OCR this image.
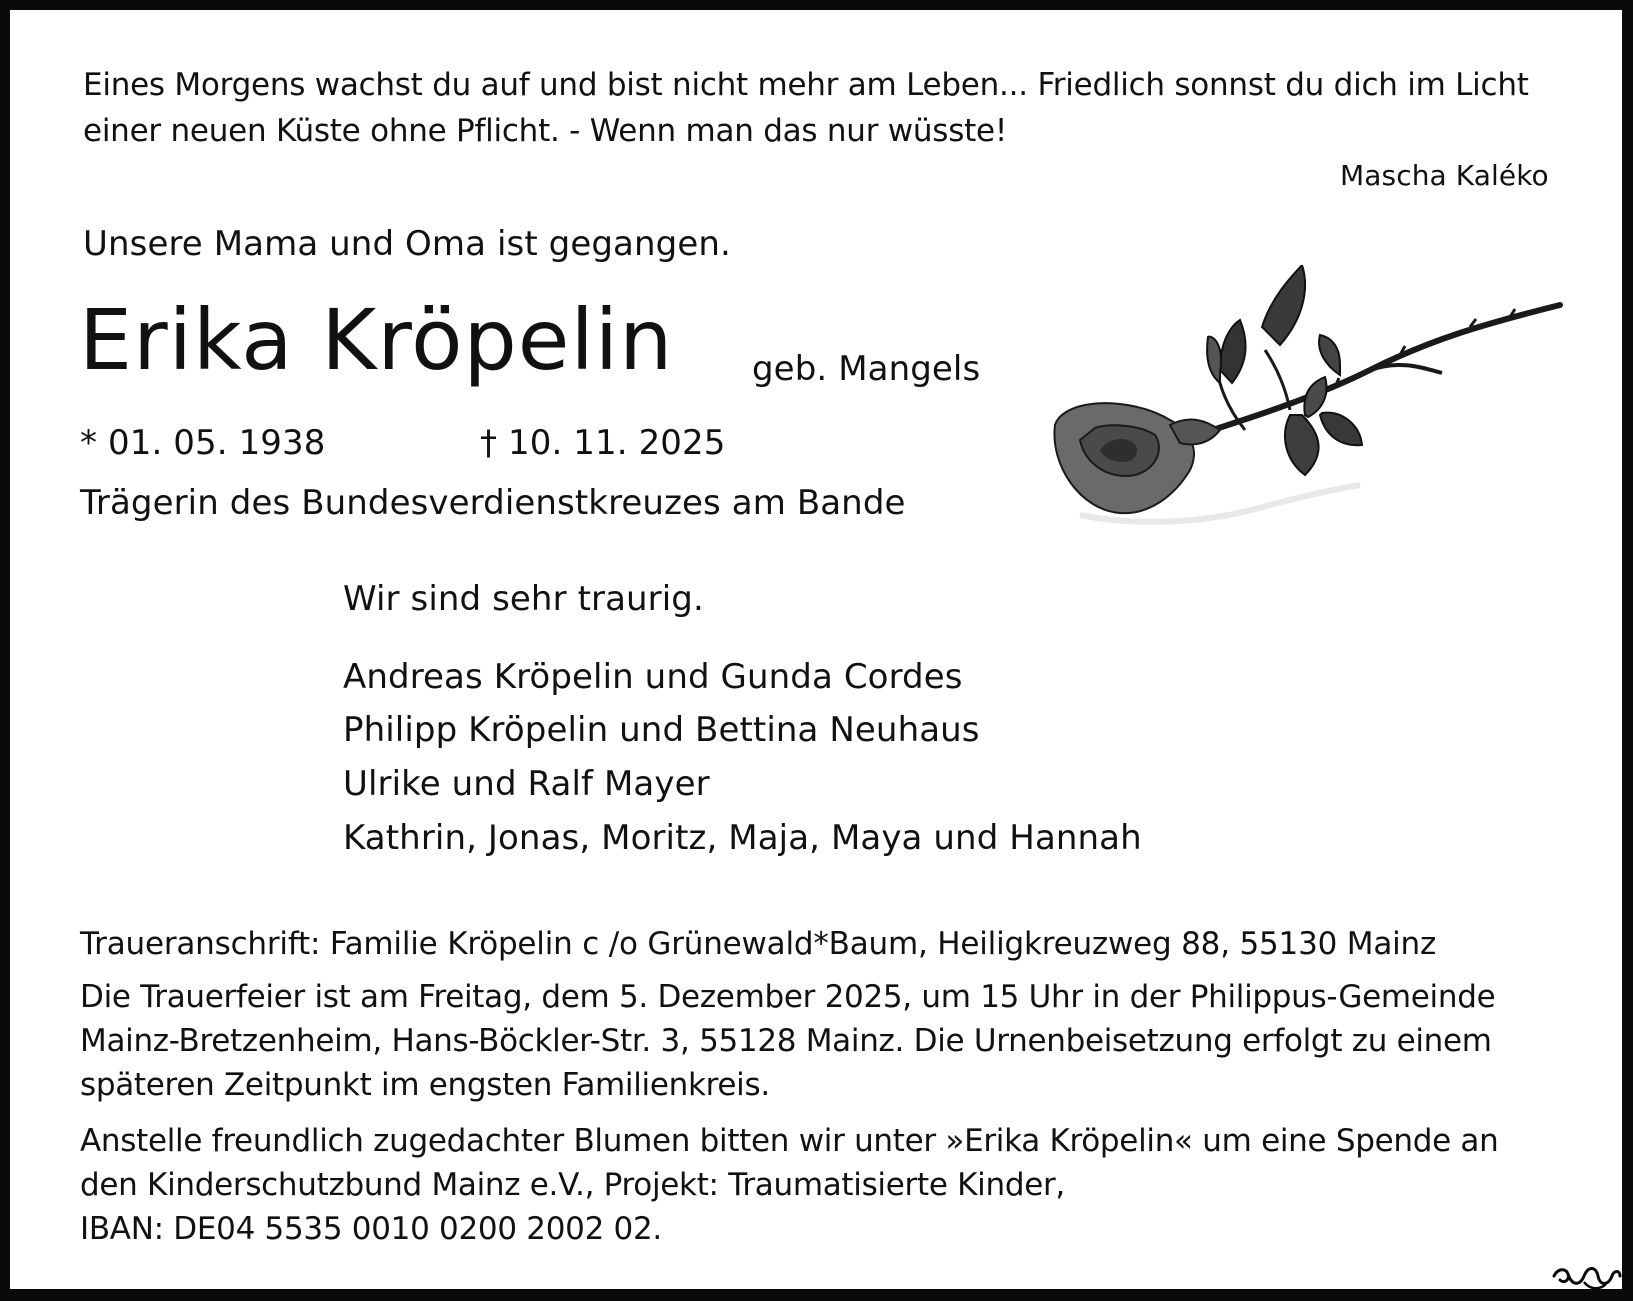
Eines Morgens wachst du auf und bist nicht mehr am Leben... Friedlich sonnst du dich im Licht
einer neuen Küste ohne Pflicht. - Wenn man das nur wüsste!
Mascha Kaléko
Unsere Mama und Oma ist gegangen.
Erika Kröpelin geb. Mangels
* 01. 05. 1938	† 10. 11. 2025
Trägerin des Bundesverdienstkreuzes am Bande
Wir sind sehr traurig.
Andreas Kröpelin und Gunda Cordes
Philipp Kröpelin und Bettina Neuhaus
Ulrike und Ralf Mayer
Kathrin, Jonas, Moritz, Maja, Maya und Hannah
Traueranschrift: Familie Kröpelin c /o Grünewald*Baum, Heiligkreuzweg 88, 55130 Mainz
Die Trauerfeier ist am Freitag, dem 5. Dezember 2025, um 15 Uhr in der Philippus-Gemeinde
Mainz-Bretzenheim, Hans-Böckler-Str. 3, 55128 Mainz. Die Urnenbeisetzung erfolgt zu einem
späteren Zeitpunkt im engsten Familienkreis.
Anstelle freundlich zugedachter Blumen bitten wir unter »Erika Kröpelin« um eine Spende an
den Kinderschutzbund Mainz e.V., Projekt: Traumatisierte Kinder,
IBAN: DE04 5535 0010 0200 2002 02.
